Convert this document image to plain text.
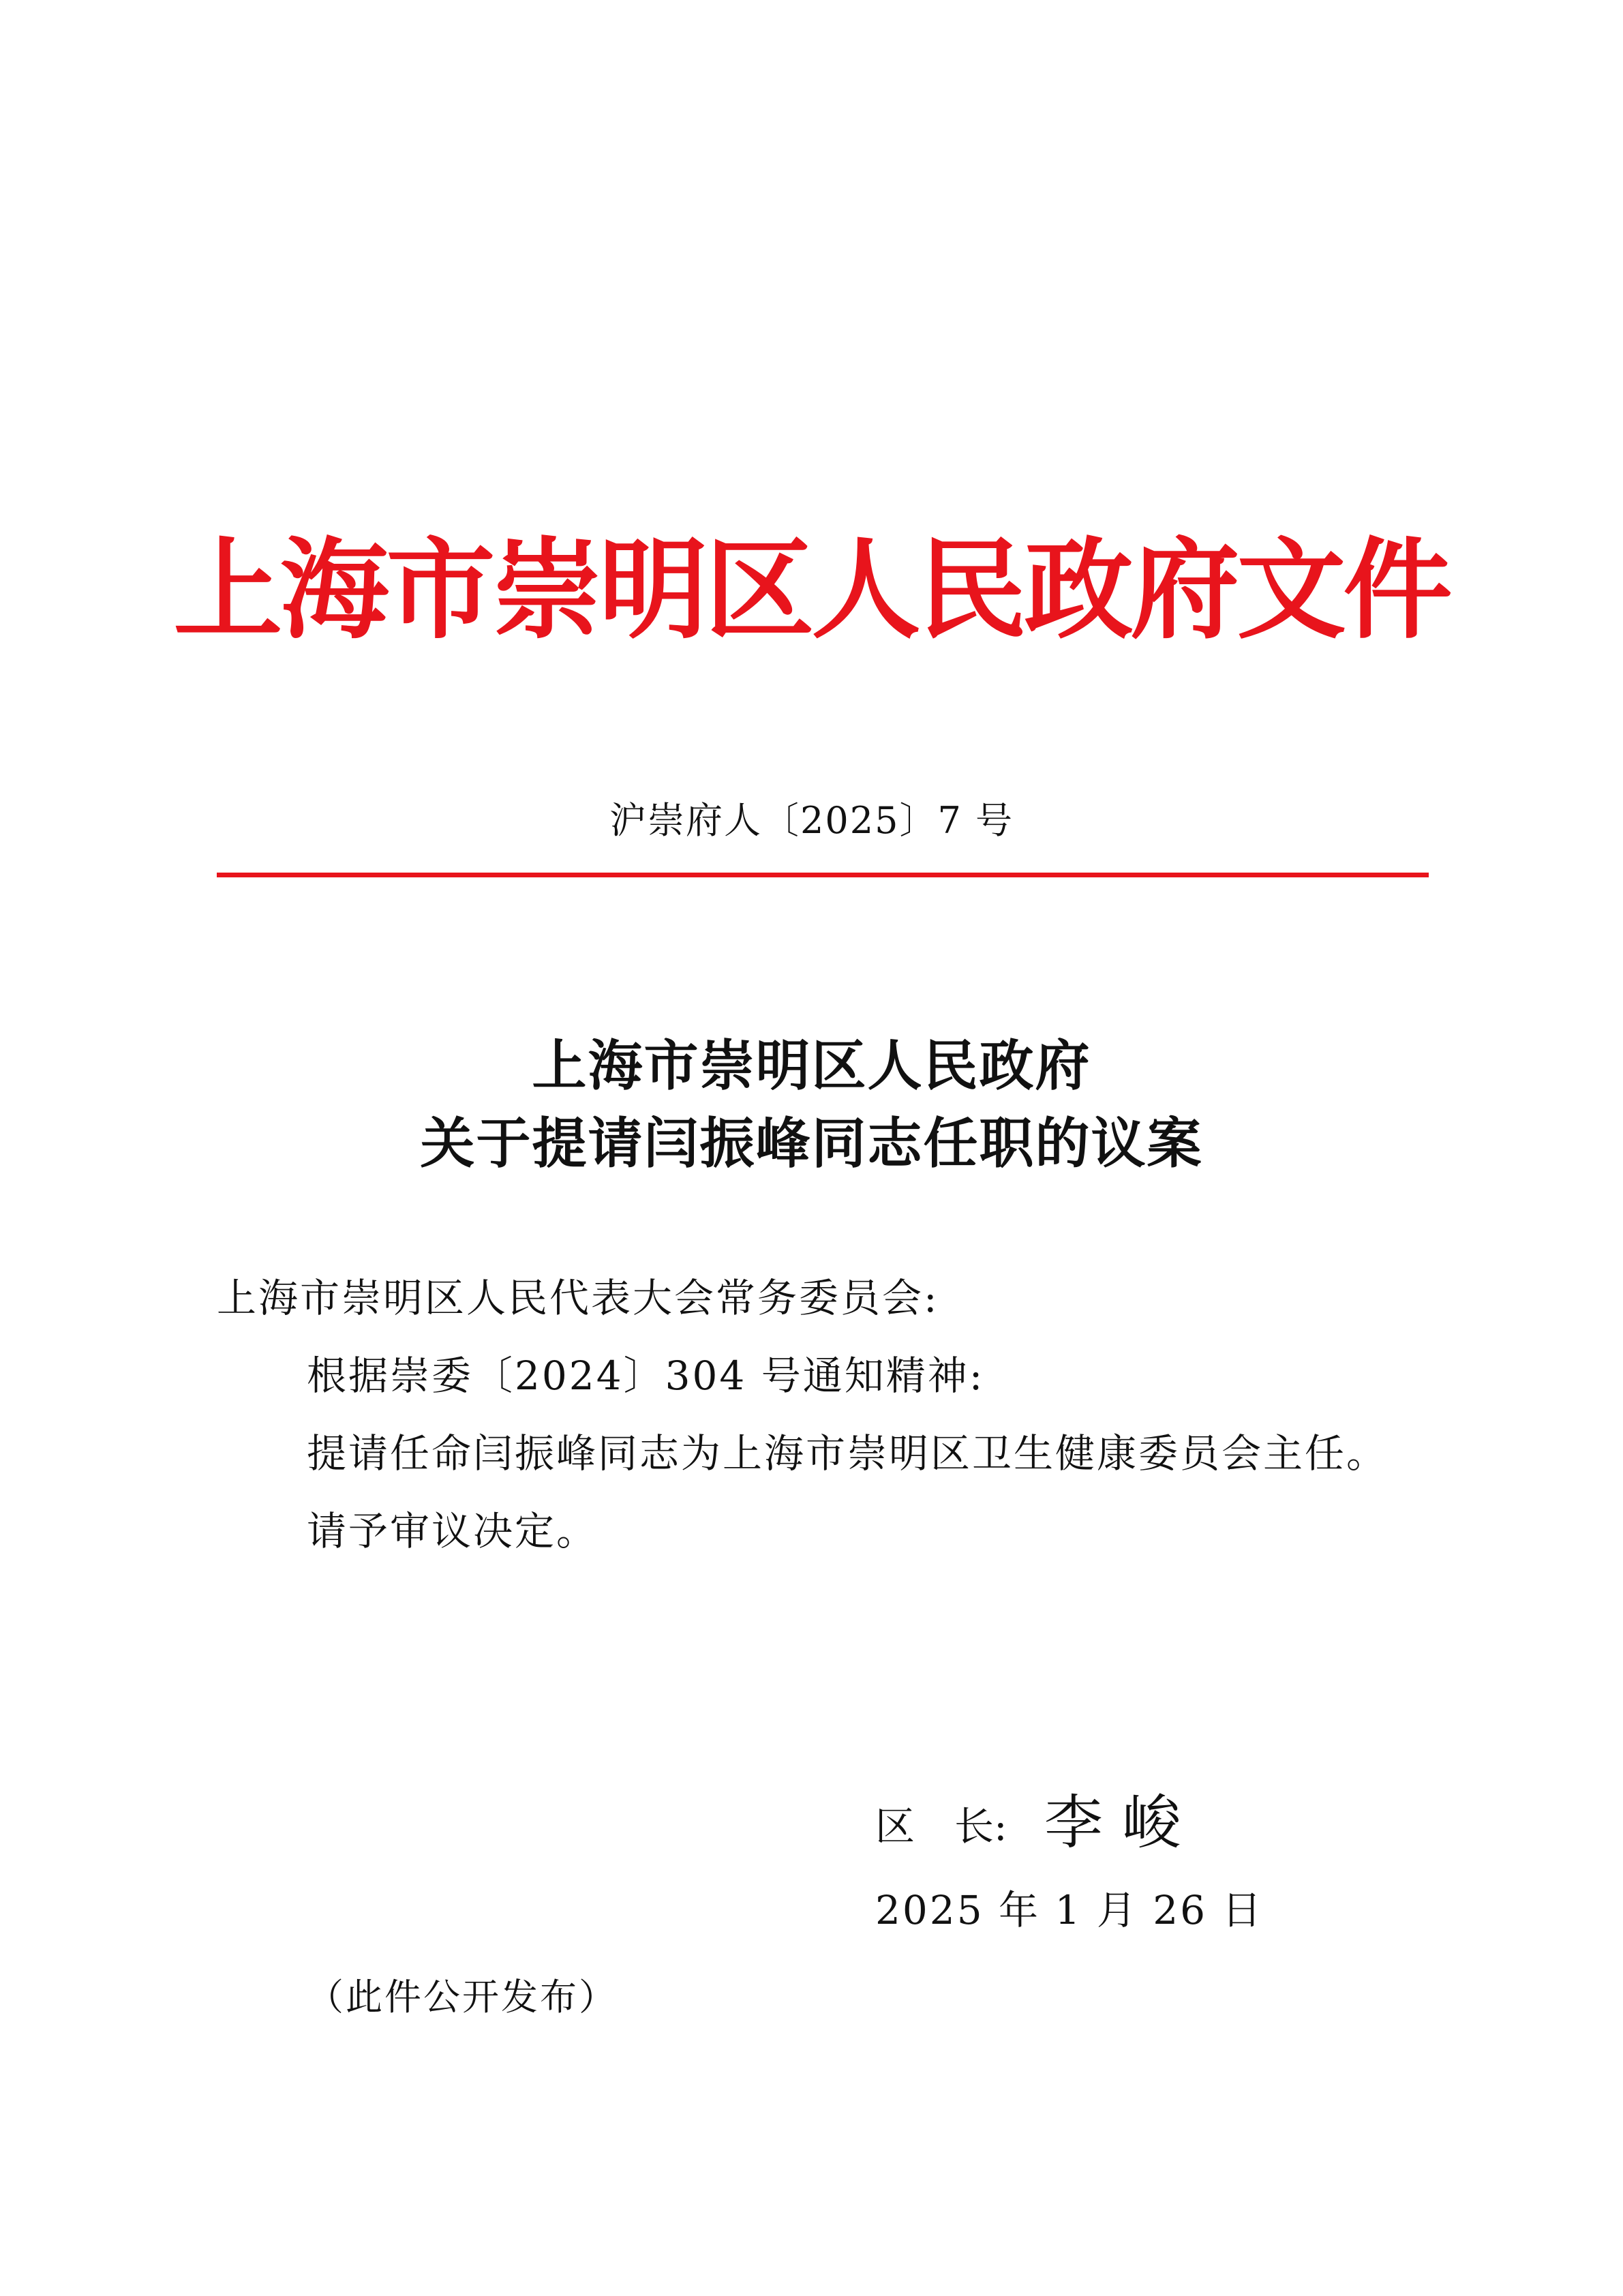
上海市崇明区人民政府文件
沪崇府人〔2025〕7 号
上海市崇明区人民政府
关于提请闫振峰同志任职的议案
上海市崇明区人民代表大会常务委员会:
根据崇委〔2024〕304 号通知精神:
提请任命闫振峰同志为上海市崇明区卫生健康委员会主任。
请予审议决定。
区　长: 李峻
2025 年 1 月 26 日
（此件公开发布）
